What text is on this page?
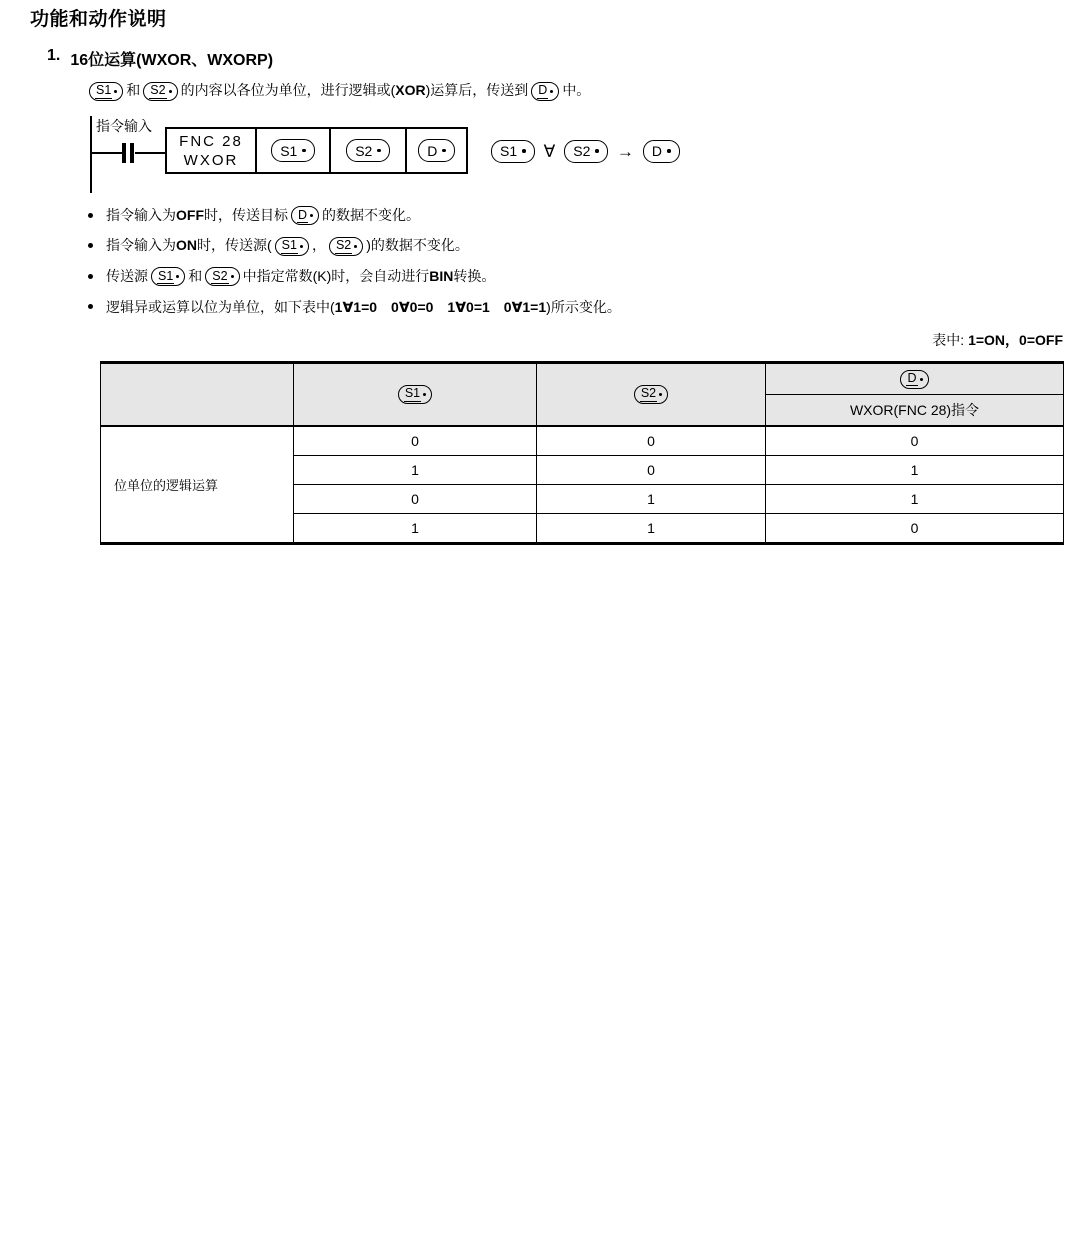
功能和动作说明
1. 16位运算(WXOR、WXORP)
S1 和 S2 的内容以各位为单位，进行逻辑或(XOR)运算后，传送到 D 中。
指令输入
FNC 28
WXOR
S1	S2	D	S1 ∀ S2 → D
指令输入为OFF时，传送目标 D 的数据不变化。
指令输入为ON时，传送源( S1 ， S2 )的数据不变化。
传送源 S1 和 S2 中指定常数(K)时，会自动进行BIN转换。
逻辑异或运算以位为单位，如下表中(1∀1=0　0∀0=0　1∀0=1　0∀1=1)所示变化。
表中: 1=ON，0=OFF

	S1	S2	D

			WXOR(FNC 28)指令
位单位的逻辑运算	0	0	0
	1	0	1
	0	1	1
	1	1	0
